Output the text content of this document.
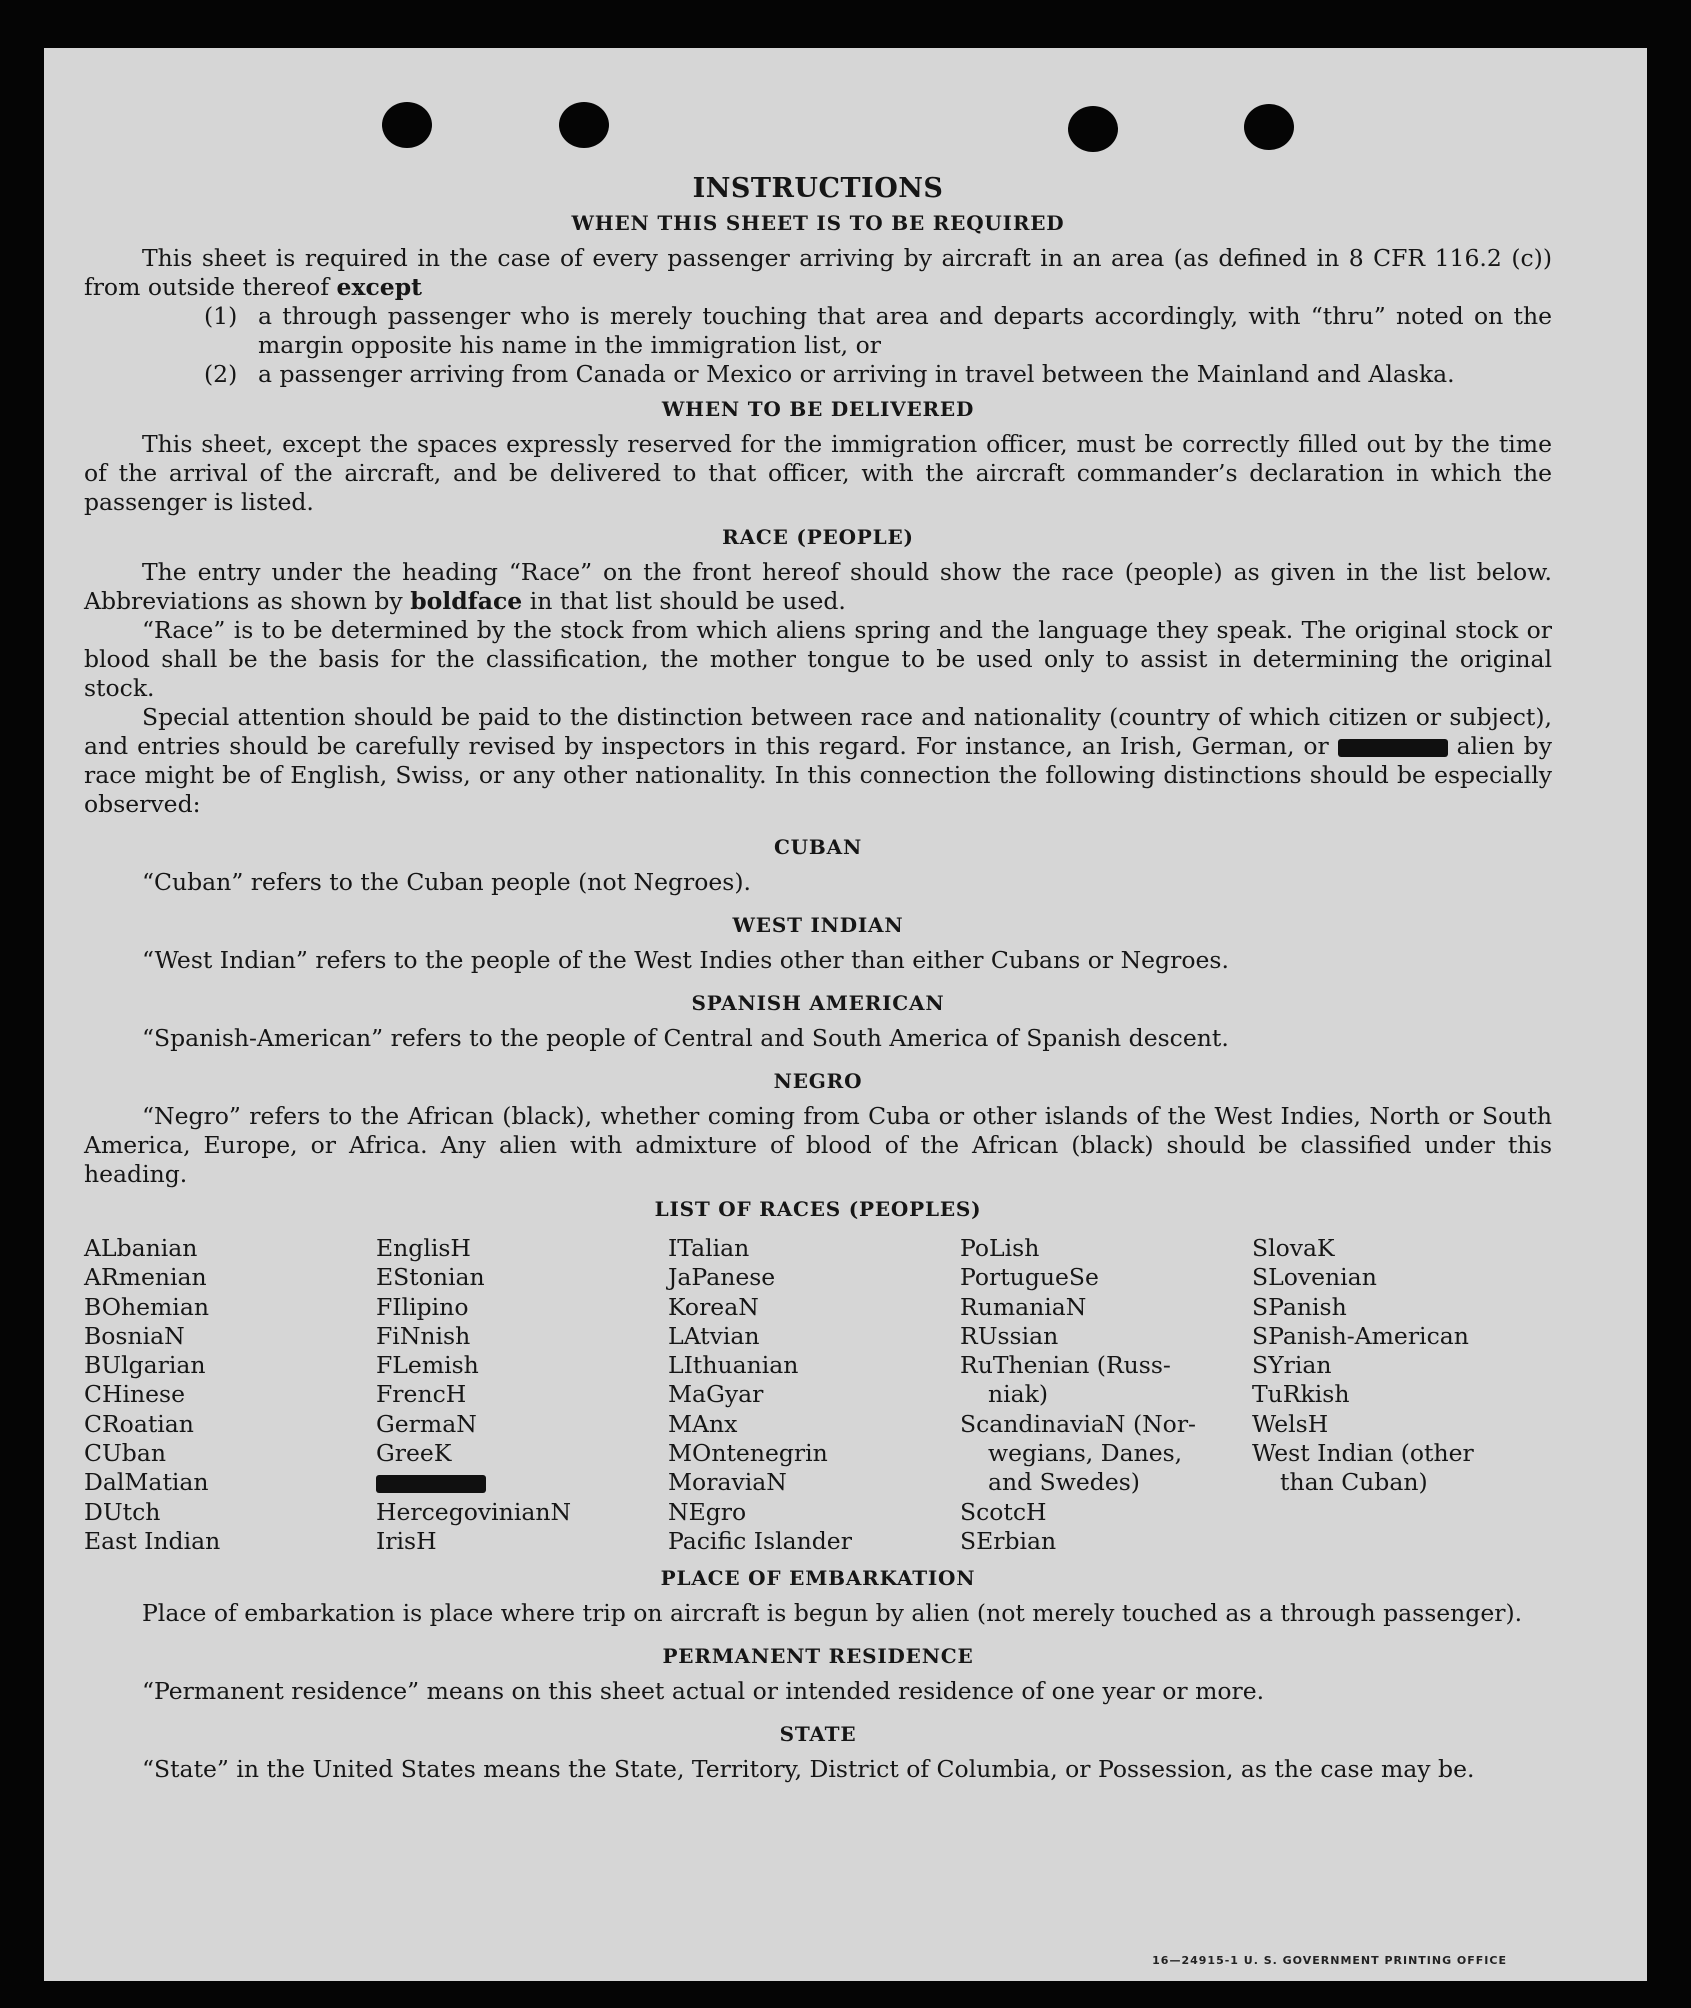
INSTRUCTIONS
WHEN THIS SHEET IS TO BE REQUIRED

This sheet is required in the case of every passenger arriving by aircraft in an area (as defined in 8 CFR 116.2 (c)) from outside thereof except

(1) a through passenger who is merely touching that area and departs accordingly, with “thru” noted on the margin opposite his name in the immigration list, or
(2) a passenger arriving from Canada or Mexico or arriving in travel between the Mainland and Alaska.
WHEN TO BE DELIVERED

This sheet, except the spaces expressly reserved for the immigration officer, must be correctly filled out by the time of the arrival of the aircraft, and be delivered to that officer, with the aircraft commander’s declaration in which the passenger is listed.

RACE (PEOPLE)

The entry under the heading “Race” on the front hereof should show the race (people) as given in the list below. Abbreviations as shown by boldface in that list should be used.

“Race” is to be determined by the stock from which aliens spring and the language they speak. The original stock or blood shall be the basis for the classification, the mother tongue to be used only to assist in determining the original stock.

Special attention should be paid to the distinction between race and nationality (country of which citizen or subject), and entries should be carefully revised by inspectors in this regard. For instance, an Irish, German, or	alien by race might be of English, Swiss, or any other nationality. In this connection the following distinctions should be especially observed:

CUBAN

“Cuban” refers to the Cuban people (not Negroes).

WEST INDIAN

“West Indian” refers to the people of the West Indies other than either Cubans or Negroes.

SPANISH AMERICAN

“Spanish-American” refers to the people of Central and South America of Spanish descent.

NEGRO

“Negro” refers to the African (black), whether coming from Cuba or other islands of the West Indies, North or South America, Europe, or Africa. Any alien with admixture of blood of the African (black) should be classified under this heading.

LIST OF RACES (PEOPLES)
ALbanian
ARmenian
BOhemian
BosniaN
BUlgarian
CHinese
CRoatian
CUban
DalMatian
DUtch
East Indian
EnglisH
EStonian
FIlipino
FiNnish
FLemish
FrencH
GermaN
GreeK
HercegovinianN
IrisH
ITalian
JaPanese
KoreaN
LAtvian
LIthuanian
MaGyar
MAnx
MOntenegrin
MoraviaN
NEgro
Pacific Islander
PoLish
PortugueSe
RumaniaN
RUssian
RuThenian (Russ-
niak)
ScandinaviaN (Nor-
wegians, Danes,
and Swedes)
ScotcH
SErbian
SlovaK
SLovenian
SPanish
SPanish-American
SYrian
TuRkish
WelsH
West Indian (other
than Cuban)

PLACE OF EMBARKATION

Place of embarkation is place where trip on aircraft is begun by alien (not merely touched as a through passenger).

PERMANENT RESIDENCE

“Permanent residence” means on this sheet actual or intended residence of one year or more.

STATE

“State” in the United States means the State, Territory, District of Columbia, or Possession, as the case may be.

16—24915-1 U. S. GOVERNMENT PRINTING OFFICE
